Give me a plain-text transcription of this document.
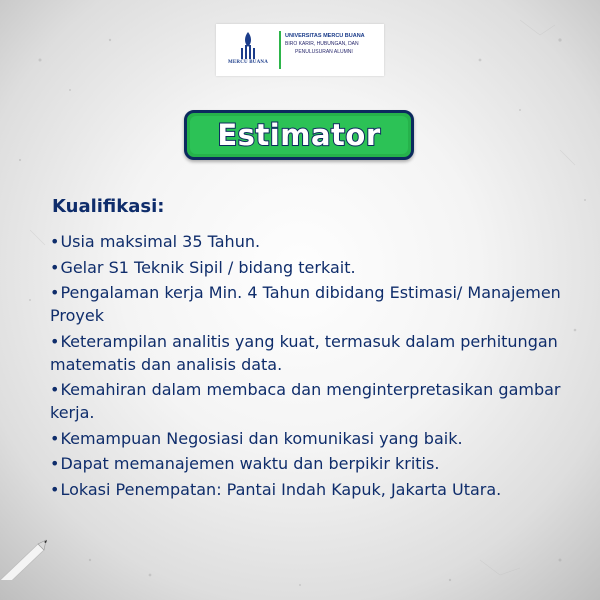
MERCU BUANA
UNIVERSITAS MERCU BUANA
BIRO KARIR, HUBUNGAN, DAN
PENULUSURAN ALUMNI
Estimator
Kualifikasi:
•Usia maksimal 35 Tahun.
•Gelar S1 Teknik Sipil / bidang terkait.
•Pengalaman kerja Min. 4 Tahun dibidang Estimasi/ Manajemen Proyek
•Keterampilan analitis yang kuat, termasuk dalam perhitungan matematis dan analisis data.
•Kemahiran dalam membaca dan menginterpretasikan gambar kerja.
•Kemampuan Negosiasi dan komunikasi yang baik.
•Dapat memanajemen waktu dan berpikir kritis.
•Lokasi Penempatan: Pantai Indah Kapuk, Jakarta Utara.
